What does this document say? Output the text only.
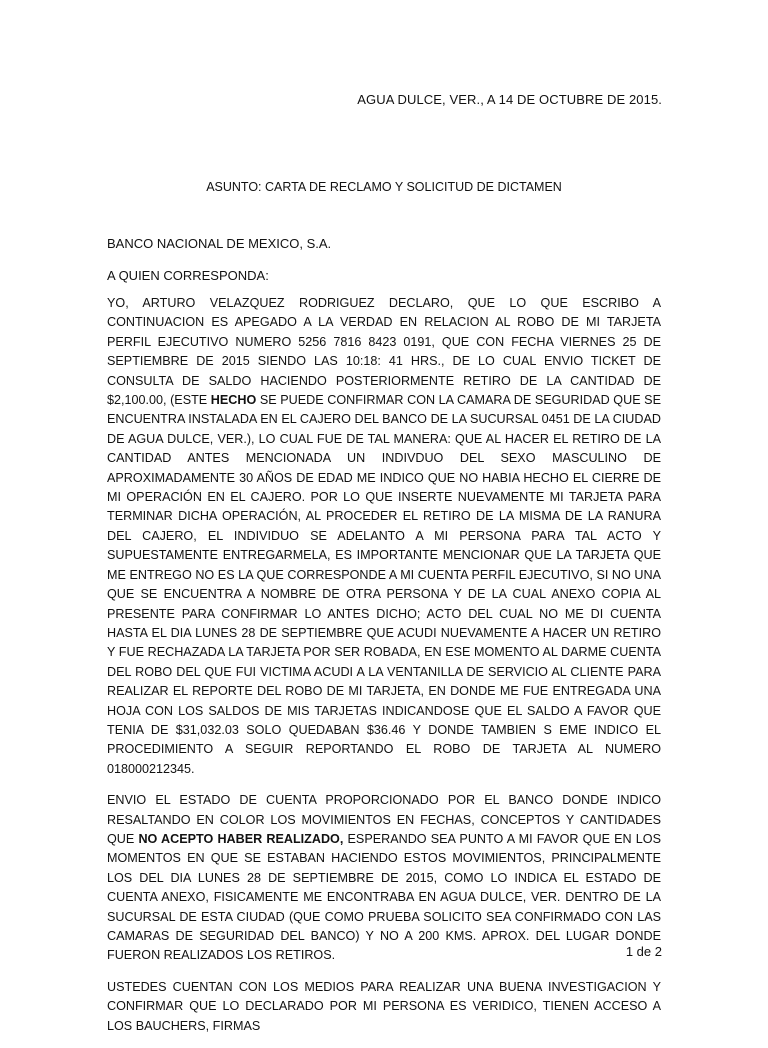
AGUA DULCE, VER., A 14 DE OCTUBRE DE 2015.
ASUNTO: CARTA DE RECLAMO Y SOLICITUD DE DICTAMEN
BANCO NACIONAL DE MEXICO, S.A.
A QUIEN CORRESPONDA:

YO, ARTURO VELAZQUEZ RODRIGUEZ DECLARO, QUE LO QUE ESCRIBO A CONTINUACION ES APEGADO A LA VERDAD EN RELACION AL ROBO DE MI TARJETA PERFIL EJECUTIVO NUMERO 5256 7816 8423 0191, QUE CON FECHA VIERNES 25 DE SEPTIEMBRE DE 2015 SIENDO LAS 10:18: 41 HRS., DE LO CUAL ENVIO TICKET DE CONSULTA DE SALDO HACIENDO POSTERIORMENTE RETIRO DE LA CANTIDAD DE $2,100.00, (ESTE HECHO SE PUEDE CONFIRMAR CON LA CAMARA DE SEGURIDAD QUE SE ENCUENTRA INSTALADA EN EL CAJERO DEL BANCO DE LA SUCURSAL 0451 DE LA CIUDAD DE AGUA DULCE, VER.), LO CUAL FUE DE TAL MANERA: QUE AL HACER EL RETIRO DE LA CANTIDAD ANTES MENCIONADA UN INDIVDUO DEL SEXO MASCULINO DE APROXIMADAMENTE 30 AÑOS DE EDAD ME INDICO QUE NO HABIA HECHO EL CIERRE DE MI OPERACIÓN EN EL CAJERO. POR LO QUE INSERTE NUEVAMENTE MI TARJETA PARA TERMINAR DICHA OPERACIÓN, AL PROCEDER EL RETIRO DE LA MISMA DE LA RANURA DEL CAJERO, EL INDIVIDUO SE ADELANTO A MI PERSONA PARA TAL ACTO Y SUPUESTAMENTE ENTREGARMELA, ES IMPORTANTE MENCIONAR QUE LA TARJETA QUE ME ENTREGO NO ES LA QUE CORRESPONDE A MI CUENTA PERFIL EJECUTIVO, SI NO UNA QUE SE ENCUENTRA A NOMBRE DE OTRA PERSONA Y DE LA CUAL ANEXO COPIA AL PRESENTE PARA CONFIRMAR LO ANTES DICHO; ACTO DEL CUAL NO ME DI CUENTA HASTA EL DIA LUNES 28 DE SEPTIEMBRE QUE ACUDI NUEVAMENTE A HACER UN RETIRO Y FUE RECHAZADA LA TARJETA POR SER ROBADA, EN ESE MOMENTO AL DARME CUENTA DEL ROBO DEL QUE FUI VICTIMA ACUDI A LA VENTANILLA DE SERVICIO AL CLIENTE PARA REALIZAR EL REPORTE DEL ROBO DE MI TARJETA, EN DONDE ME FUE ENTREGADA UNA HOJA CON LOS SALDOS DE MIS TARJETAS INDICANDOSE QUE EL SALDO A FAVOR QUE TENIA DE $31,032.03 SOLO QUEDABAN $36.46 Y DONDE TAMBIEN S EME INDICO EL PROCEDIMIENTO A SEGUIR REPORTANDO EL ROBO DE TARJETA AL NUMERO 018000212345.

ENVIO EL ESTADO DE CUENTA PROPORCIONADO POR EL BANCO DONDE INDICO RESALTANDO EN COLOR LOS MOVIMIENTOS EN FECHAS, CONCEPTOS Y CANTIDADES QUE NO ACEPTO HABER REALIZADO, ESPERANDO SEA PUNTO A MI FAVOR QUE EN LOS MOMENTOS EN QUE SE ESTABAN HACIENDO ESTOS MOVIMIENTOS, PRINCIPALMENTE LOS DEL DIA LUNES 28 DE SEPTIEMBRE DE 2015, COMO LO INDICA EL ESTADO DE CUENTA ANEXO, FISICAMENTE ME ENCONTRABA EN AGUA DULCE, VER. DENTRO DE LA SUCURSAL DE ESTA CIUDAD (QUE COMO PRUEBA SOLICITO SEA CONFIRMADO CON LAS CAMARAS DE SEGURIDAD DEL BANCO) Y NO A 200 KMS. APROX. DEL LUGAR DONDE FUERON REALIZADOS LOS RETIROS.

USTEDES CUENTAN CON LOS MEDIOS PARA REALIZAR UNA BUENA INVESTIGACION Y CONFIRMAR QUE LO DECLARADO POR MI PERSONA ES VERIDICO, TIENEN ACCESO A LOS BAUCHERS, FIRMAS

1 de 2
